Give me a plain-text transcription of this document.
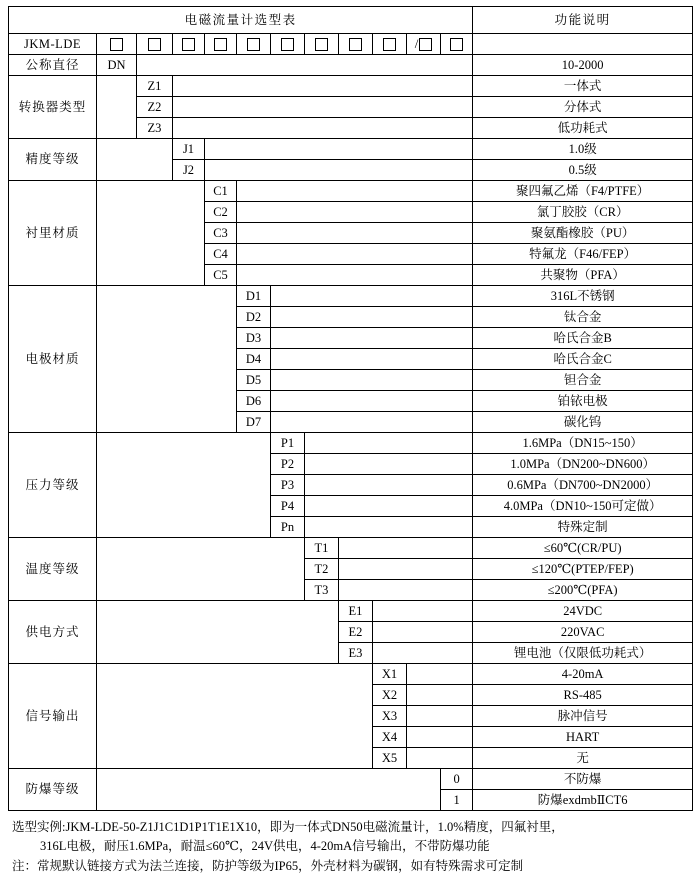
电磁流量计选型表												功能说明
JKM-LDE										/		
公称直径	DN											10-2000
转换器类型		Z1										一体式
		Z2										分体式
		Z3										低功耗式
精度等级			J1									1.0级
			J2									0.5级
衬里材质				C1								聚四氟乙烯（F4/PTFE）
				C2								氯丁胶胶（CR）
				C3								聚氨酯橡胶（PU）
				C4								特氟龙（F46/FEP）
				C5								共聚物（PFA）
电极材质					D1							316L不锈钢
					D2							钛合金
					D3							哈氏合金B
					D4							哈氏合金C
					D5							钽合金
					D6							铂铱电极
					D7							碳化钨
压力等级						P1						1.6MPa（DN15~150）
						P2						1.0MPa（DN200~DN600）
						P3						0.6MPa（DN700~DN2000）
						P4						4.0MPa（DN10~150可定做）
						Pn						特殊定制
温度等级							T1					≤60℃(CR/PU)
							T2					≤120℃(PTEP/FEP)
							T3					≤200℃(PFA)
供电方式								E1				24VDC
								E2				220VAC
								E3				锂电池（仅限低功耗式）
信号输出									X1			4-20mA
									X2			RS-485
									X3			脉冲信号
									X4			HART
									X5			无
防爆等级											0	不防爆
											1	防爆exdmbⅡCT6
选型实例:JKM-LDE-50-Z1J1C1D1P1T1E1X10，即为一体式DN50电磁流量计，1.0%精度，四氟衬里，
316L电极，耐压1.6MPa，耐温≤60℃，24V供电，4-20mA信号输出，不带防爆功能
注：常规默认链接方式为法兰连接，防护等级为IP65，外壳材料为碳钢，如有特殊需求可定制
